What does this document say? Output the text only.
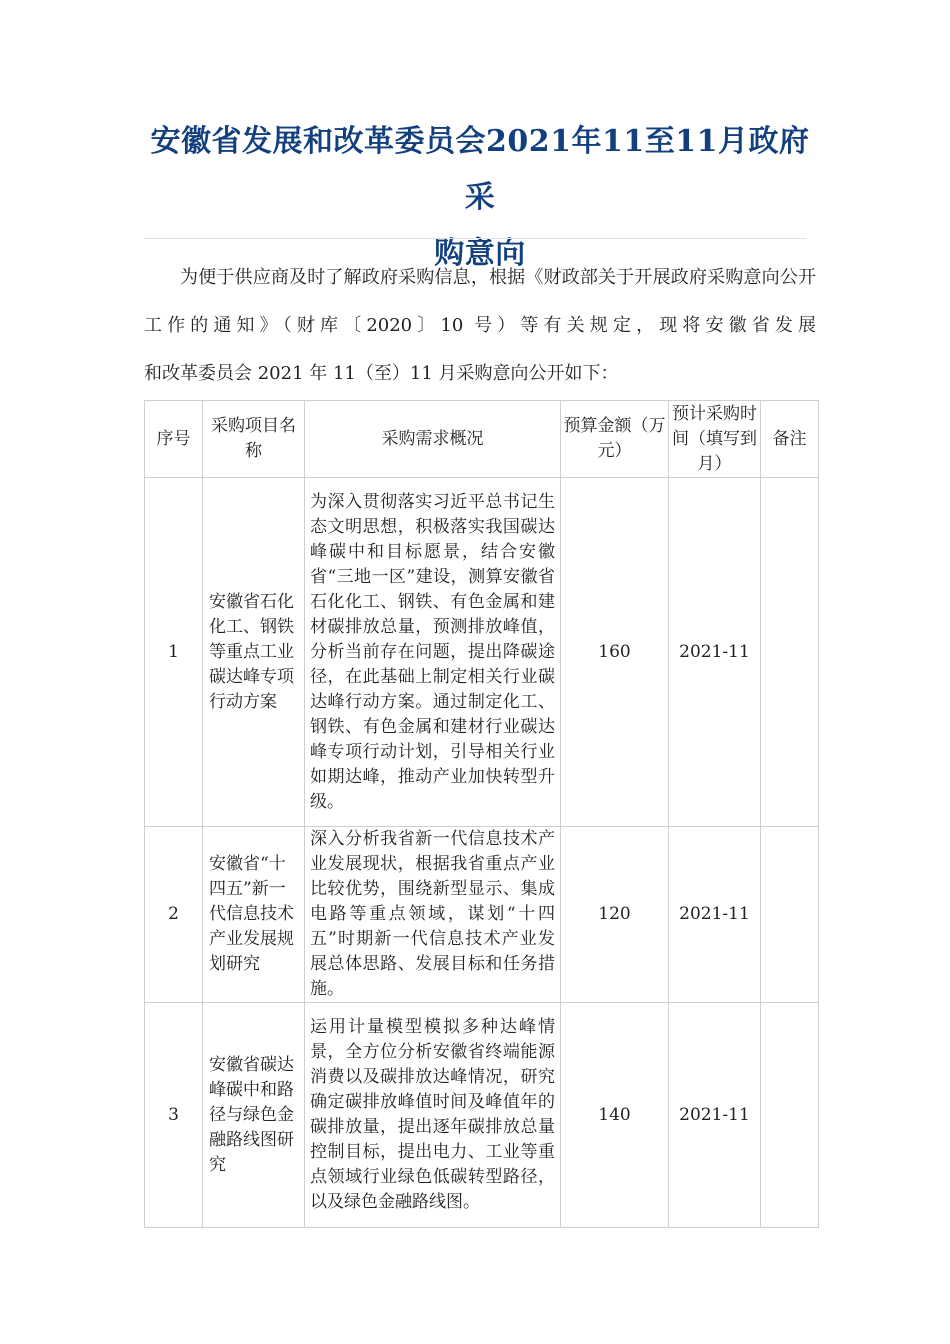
安徽省发展和改革委员会2021年11至11月政府采
购意向

为便于供应商及时了解政府采购信息，根据《财政部关于开展政府采购意向公开工作的通知》（财库〔2020〕10 号）等有关规定，现将安徽省发展
和改革委员会 2021 年 11（至）11 月采购意向公开如下：

序号	采购项目名称	采购需求概况	预算金额（万元）	预计采购时间（填写到月）	备注
1	安徽省石化化工、钢铁等重点工业碳达峰专项行动方案	为深入贯彻落实习近平总书记生态文明思想，积极落实我国碳达峰碳中和目标愿景，结合安徽省“三地一区”建设，测算安徽省石化化工、钢铁、有色金属和建材碳排放总量，预测排放峰值，分析当前存在问题，提出降碳途径，在此基础上制定相关行业碳达峰行动方案。通过制定化工、钢铁、有色金属和建材行业碳达峰专项行动计划，引导相关行业如期达峰，推动产业加快转型升级。	160	2021-11	
2	安徽省“十四五”新一代信息技术产业发展规划研究	深入分析我省新一代信息技术产业发展现状，根据我省重点产业比较优势，围绕新型显示、集成电路等重点领域，谋划“十四五”时期新一代信息技术产业发展总体思路、发展目标和任务措施。	120	2021-11	
3	安徽省碳达峰碳中和路径与绿色金融路线图研究	运用计量模型模拟多种达峰情景，全方位分析安徽省终端能源消费以及碳排放达峰情况，研究确定碳排放峰值时间及峰值年的碳排放量，提出逐年碳排放总量控制目标，提出电力、工业等重点领域行业绿色低碳转型路径，以及绿色金融路线图。	140	2021-11	
